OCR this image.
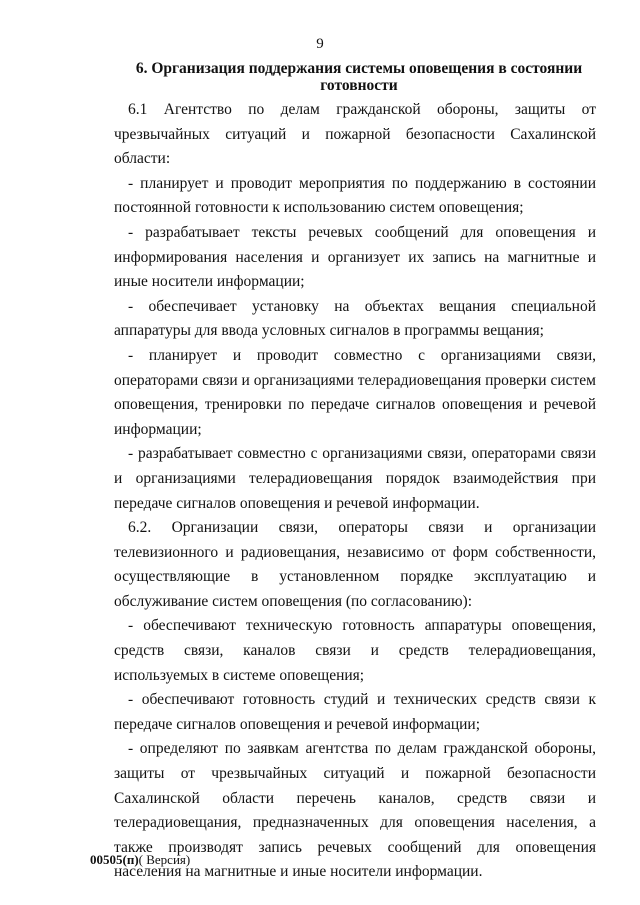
9
6. Организация поддержания системы оповещения в состоянии готовности

6.1 Агентство по делам гражданской обороны, защиты от чрезвычайных ситуаций и пожарной безопасности Сахалинской области:

- планирует и проводит мероприятия по поддержанию в состоянии постоянной готовности к использованию систем оповещения;

- разрабатывает тексты речевых сообщений для оповещения и информирования населения и организует их запись на магнитные и иные носители информации;

- обеспечивает установку на объектах вещания специальной аппаратуры для ввода условных сигналов в программы вещания;

- планирует и проводит совместно с организациями связи, операторами связи и организациями телерадиовещания проверки систем оповещения, тренировки по передаче сигналов оповещения и речевой информации;

- разрабатывает совместно с организациями связи, операторами связи и организациями телерадиовещания порядок взаимодействия при передаче сигналов оповещения и речевой информации.

6.2. Организации связи, операторы связи и организации телевизионного и радиовещания, независимо от форм собственности, осуществляющие в установленном порядке эксплуатацию и обслуживание систем оповещения (по согласованию):

- обеспечивают техническую готовность аппаратуры оповещения, средств связи, каналов связи и средств телерадиовещания, используемых в системе оповещения;

- обеспечивают готовность студий и технических средств связи к передаче сигналов оповещения и речевой информации;

- определяют по заявкам агентства по делам гражданской обороны, защиты от чрезвычайных ситуаций и пожарной безопасности Сахалинской области перечень каналов, средств связи и телерадиовещания, предназначенных для оповещения населения, а также производят запись речевых сообщений для оповещения населения на магнитные и иные носители информации.

00505(п)( Версия)
